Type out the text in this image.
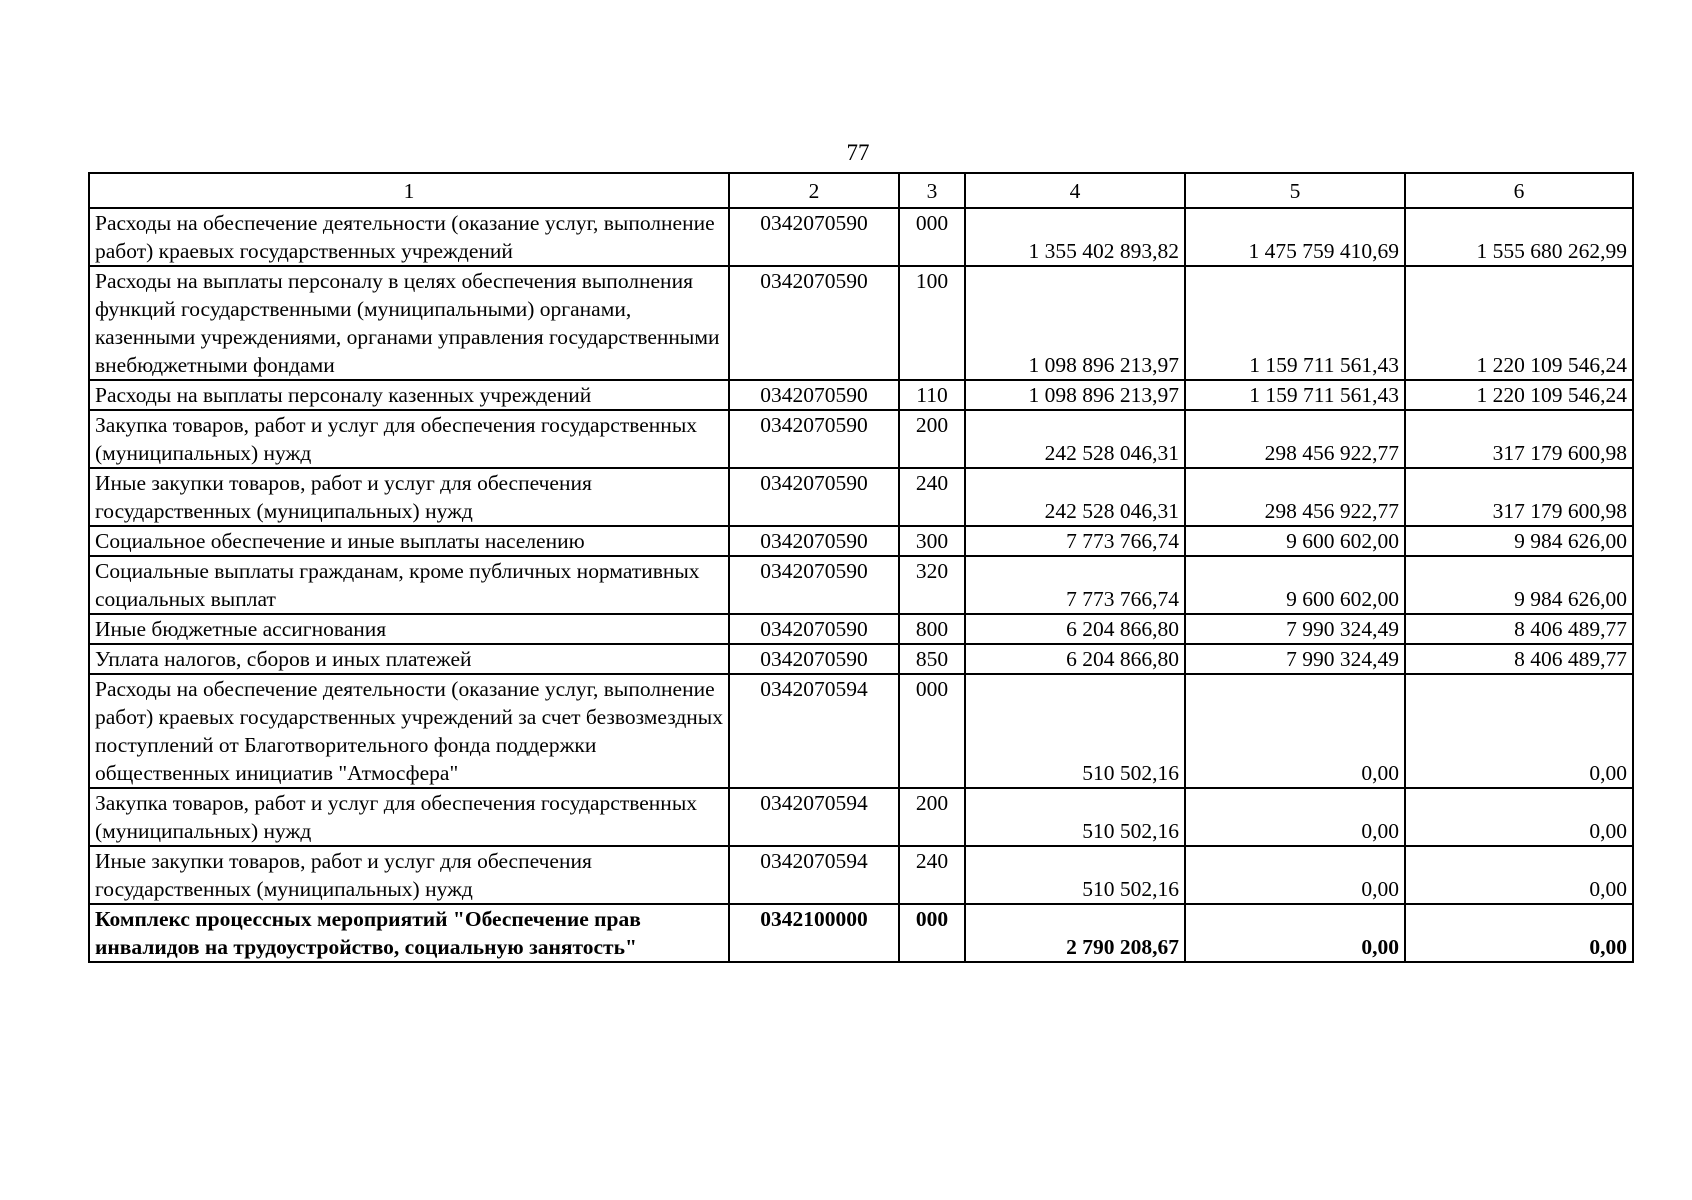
77
1	2	3	4	5	6
Расходы на обеспечение деятельности (оказание услуг, выполнение работ) краевых государственных учреждений	0342070590	000	1 355 402 893,82	1 475 759 410,69	1 555 680 262,99
Расходы на выплаты персоналу в целях обеспечения выполнения функций государственными (муниципальными) органами, казенными учреждениями, органами управления государственными внебюджетными фондами	0342070590	100	1 098 896 213,97	1 159 711 561,43	1 220 109 546,24
Расходы на выплаты персоналу казенных учреждений	0342070590	110	1 098 896 213,97	1 159 711 561,43	1 220 109 546,24
Закупка товаров, работ и услуг для обеспечения государственных (муниципальных) нужд	0342070590	200	242 528 046,31	298 456 922,77	317 179 600,98
Иные закупки товаров, работ и услуг для обеспечения государственных (муниципальных) нужд	0342070590	240	242 528 046,31	298 456 922,77	317 179 600,98
Социальное обеспечение и иные выплаты населению	0342070590	300	7 773 766,74	9 600 602,00	9 984 626,00
Социальные выплаты гражданам, кроме публичных нормативных социальных выплат	0342070590	320	7 773 766,74	9 600 602,00	9 984 626,00
Иные бюджетные ассигнования	0342070590	800	6 204 866,80	7 990 324,49	8 406 489,77
Уплата налогов, сборов и иных платежей	0342070590	850	6 204 866,80	7 990 324,49	8 406 489,77
Расходы на обеспечение деятельности (оказание услуг, выполнение работ) краевых государственных учреждений за счет безвозмездных поступлений от Благотворительного фонда поддержки общественных инициатив "Атмосфера"	0342070594	000	510 502,16	0,00	0,00
Закупка товаров, работ и услуг для обеспечения государственных (муниципальных) нужд	0342070594	200	510 502,16	0,00	0,00
Иные закупки товаров, работ и услуг для обеспечения государственных (муниципальных) нужд	0342070594	240	510 502,16	0,00	0,00
Комплекс процессных мероприятий "Обеспечение прав инвалидов на трудоустройство, социальную занятость"	0342100000	000	2 790 208,67	0,00	0,00
